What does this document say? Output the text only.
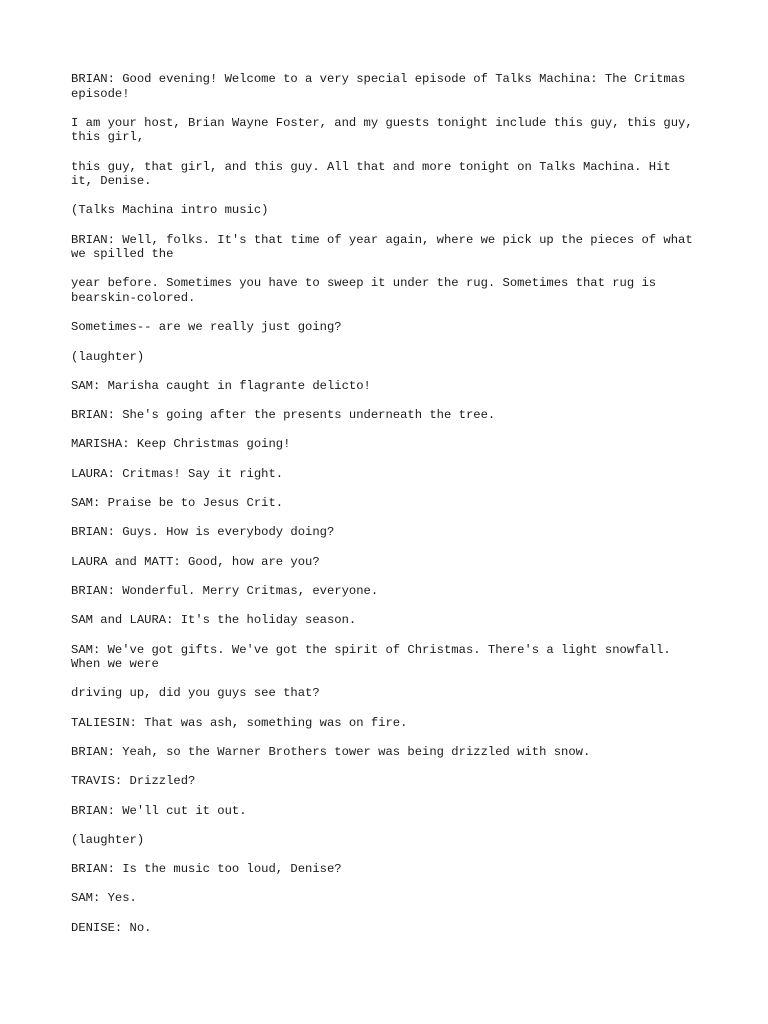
BRIAN: Good evening! Welcome to a very special episode of Talks Machina: The Critmas episode!

I am your host, Brian Wayne Foster, and my guests tonight include this guy, this guy, this girl,

this guy, that girl, and this guy. All that and more tonight on Talks Machina. Hit it, Denise.

(Talks Machina intro music)

BRIAN: Well, folks. It's that time of year again, where we pick up the pieces of what we spilled the

year before. Sometimes you have to sweep it under the rug. Sometimes that rug is bearskin-colored.

Sometimes-- are we really just going?

(laughter)

SAM: Marisha caught in flagrante delicto!

BRIAN: She's going after the presents underneath the tree.

MARISHA: Keep Christmas going!

LAURA: Critmas! Say it right.

SAM: Praise be to Jesus Crit.

BRIAN: Guys. How is everybody doing?

LAURA and MATT: Good, how are you?

BRIAN: Wonderful. Merry Critmas, everyone.

SAM and LAURA: It's the holiday season.

SAM: We've got gifts. We've got the spirit of Christmas. There's a light snowfall. When we were

driving up, did you guys see that?

TALIESIN: That was ash, something was on fire.

BRIAN: Yeah, so the Warner Brothers tower was being drizzled with snow.

TRAVIS: Drizzled?

BRIAN: We'll cut it out.

(laughter)

BRIAN: Is the music too loud, Denise?

SAM: Yes.

DENISE: No.
